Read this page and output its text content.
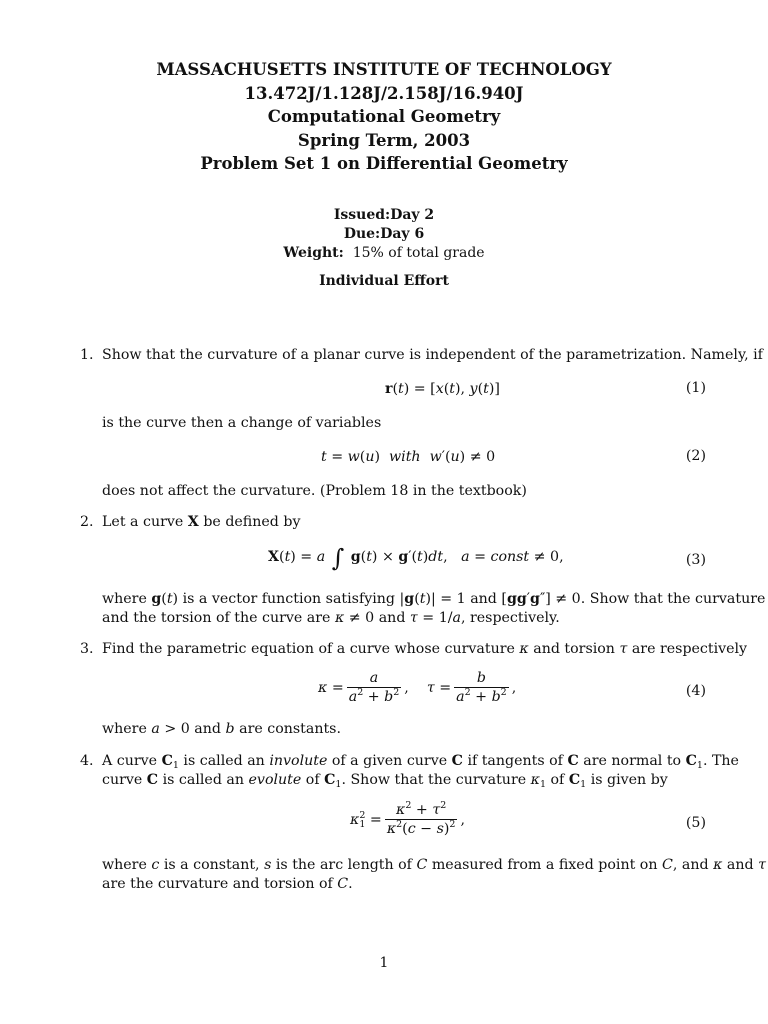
MASSACHUSETTS INSTITUTE OF TECHNOLOGY
13.472J/1.128J/2.158J/16.940J
Computational Geometry
Spring Term, 2003
Problem Set 1 on Differential Geometry
Issued:Day 2
Due:Day 6
Weight: 15% of total grade
Individual Effort
1. Show that the curvature of a planar curve is independent of the parametrization. Namely, if
r(t) = [x(t), y(t)]	(1)
is the curve then a change of variables
t = w(u)  with w′(u) ≠ 0	(2)
does not affect the curvature. (Problem 18 in the textbook)
2. Let a curve X be defined by
X(t) = a ∫ g(t) × g′(t)dt,   a = const ≠ 0,	(3)
where g(t) is a vector function satisfying |g(t)| = 1 and [gg′g″] ≠ 0. Show that the curvature
and the torsion of the curve are κ ≠ 0 and τ = 1/a, respectively.
3. Find the parametric equation of a curve whose curvature κ and torsion τ are respectively
$\kappa = \frac{a}{a^2 + b^2}$ ,    $\tau = \frac{b}{a^2 + b^2}$ ,	(4)
where a > 0 and b are constants.
4. A curve $C_1$ is called an involute of a given curve C if tangents of C are normal to $C_1$. The
curve C is called an evolute of $C_1$. Show that the curvature $\kappa_1$ of $C_1$ is given by
$\kappa_1^2 = \frac{\kappa^2 + \tau^2}{\kappa^2(c - s)^2}$ ,	(5)
where c is a constant, s is the arc length of C measured from a fixed point on C, and κ and τ
are the curvature and torsion of C.
1
